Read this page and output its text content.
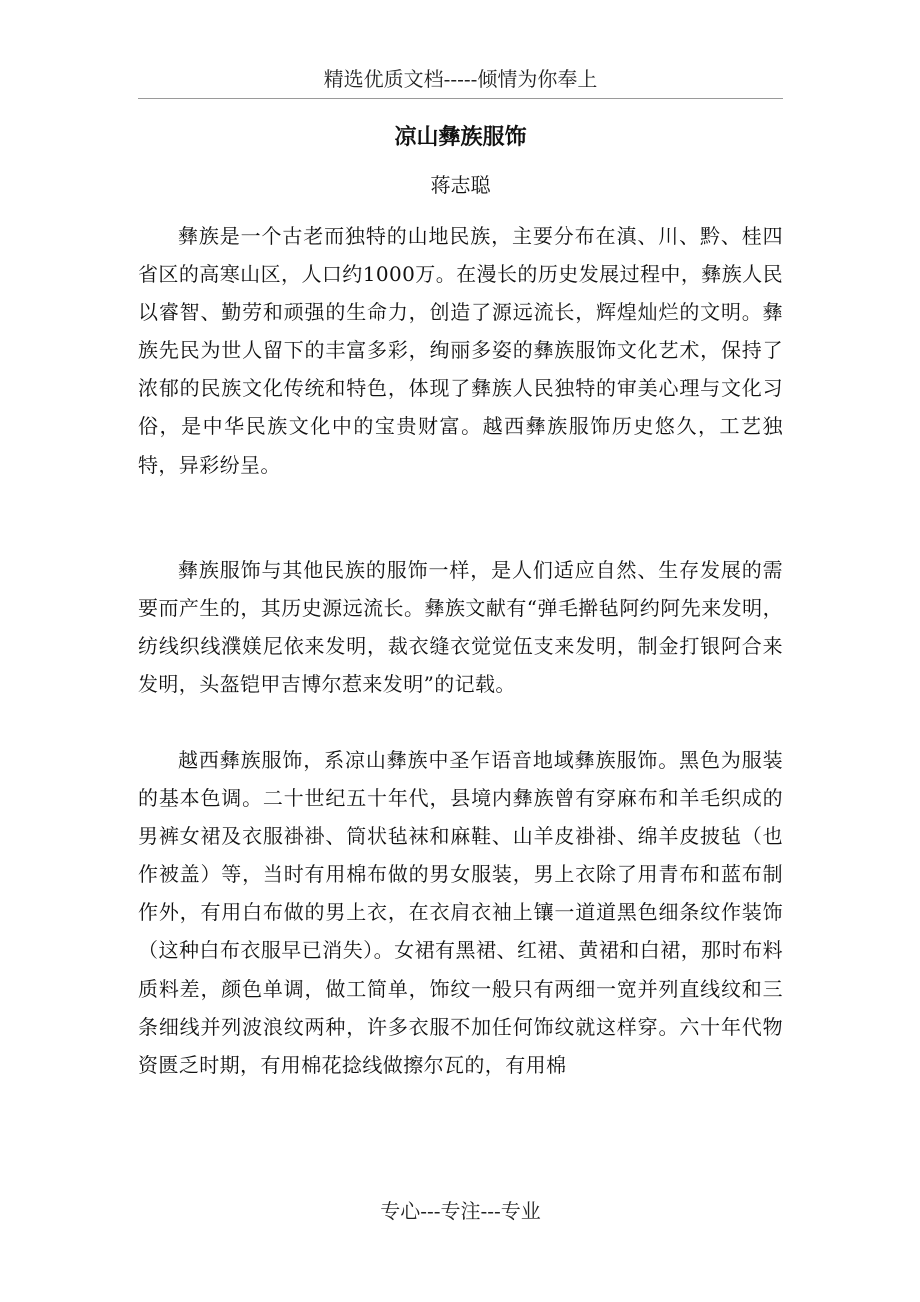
精选优质文档-----倾情为你奉上
凉山彝族服饰
蒋志聪

彝族是一个古老而独特的山地民族，主要分布在滇、川、黔、桂四省区的高寒山区，人口约1000万。在漫长的历史发展过程中，彝族人民以睿智、勤劳和顽强的生命力，创造了源远流长，辉煌灿烂的文明。彝族先民为世人留下的丰富多彩，绚丽多姿的彝族服饰文化艺术，保持了浓郁的民族文化传统和特色，体现了彝族人民独特的审美心理与文化习俗，是中华民族文化中的宝贵财富。越西彝族服饰历史悠久，工艺独特，异彩纷呈。

彝族服饰与其他民族的服饰一样，是人们适应自然、生存发展的需要而产生的，其历史源远流长。彝族文献有“弹毛擀毡阿约阿先来发明，纺线织线濮媄尼依来发明，裁衣缝衣觉觉伍支来发明，制金打银阿合来发明，头盔铠甲吉博尔惹来发明”的记载。

越西彝族服饰，系凉山彝族中圣乍语音地域彝族服饰。黑色为服装的基本色调。二十世纪五十年代，县境内彝族曾有穿麻布和羊毛织成的男裤女裙及衣服褂褂、筒状毡袜和麻鞋、山羊皮褂褂、绵羊皮披毡（也作被盖）等，当时有用棉布做的男女服装，男上衣除了用青布和蓝布制作外，有用白布做的男上衣，在衣肩衣袖上镶一道道黑色细条纹作装饰（这种白布衣服早已消失）。女裙有黑裙、红裙、黄裙和白裙，那时布料质料差，颜色单调，做工简单，饰纹一般只有两细一宽并列直线纹和三条细线并列波浪纹两种，许多衣服不加任何饰纹就这样穿。六十年代物资匮乏时期，有用棉花捻线做擦尔瓦的，有用棉

专心---专注---专业
